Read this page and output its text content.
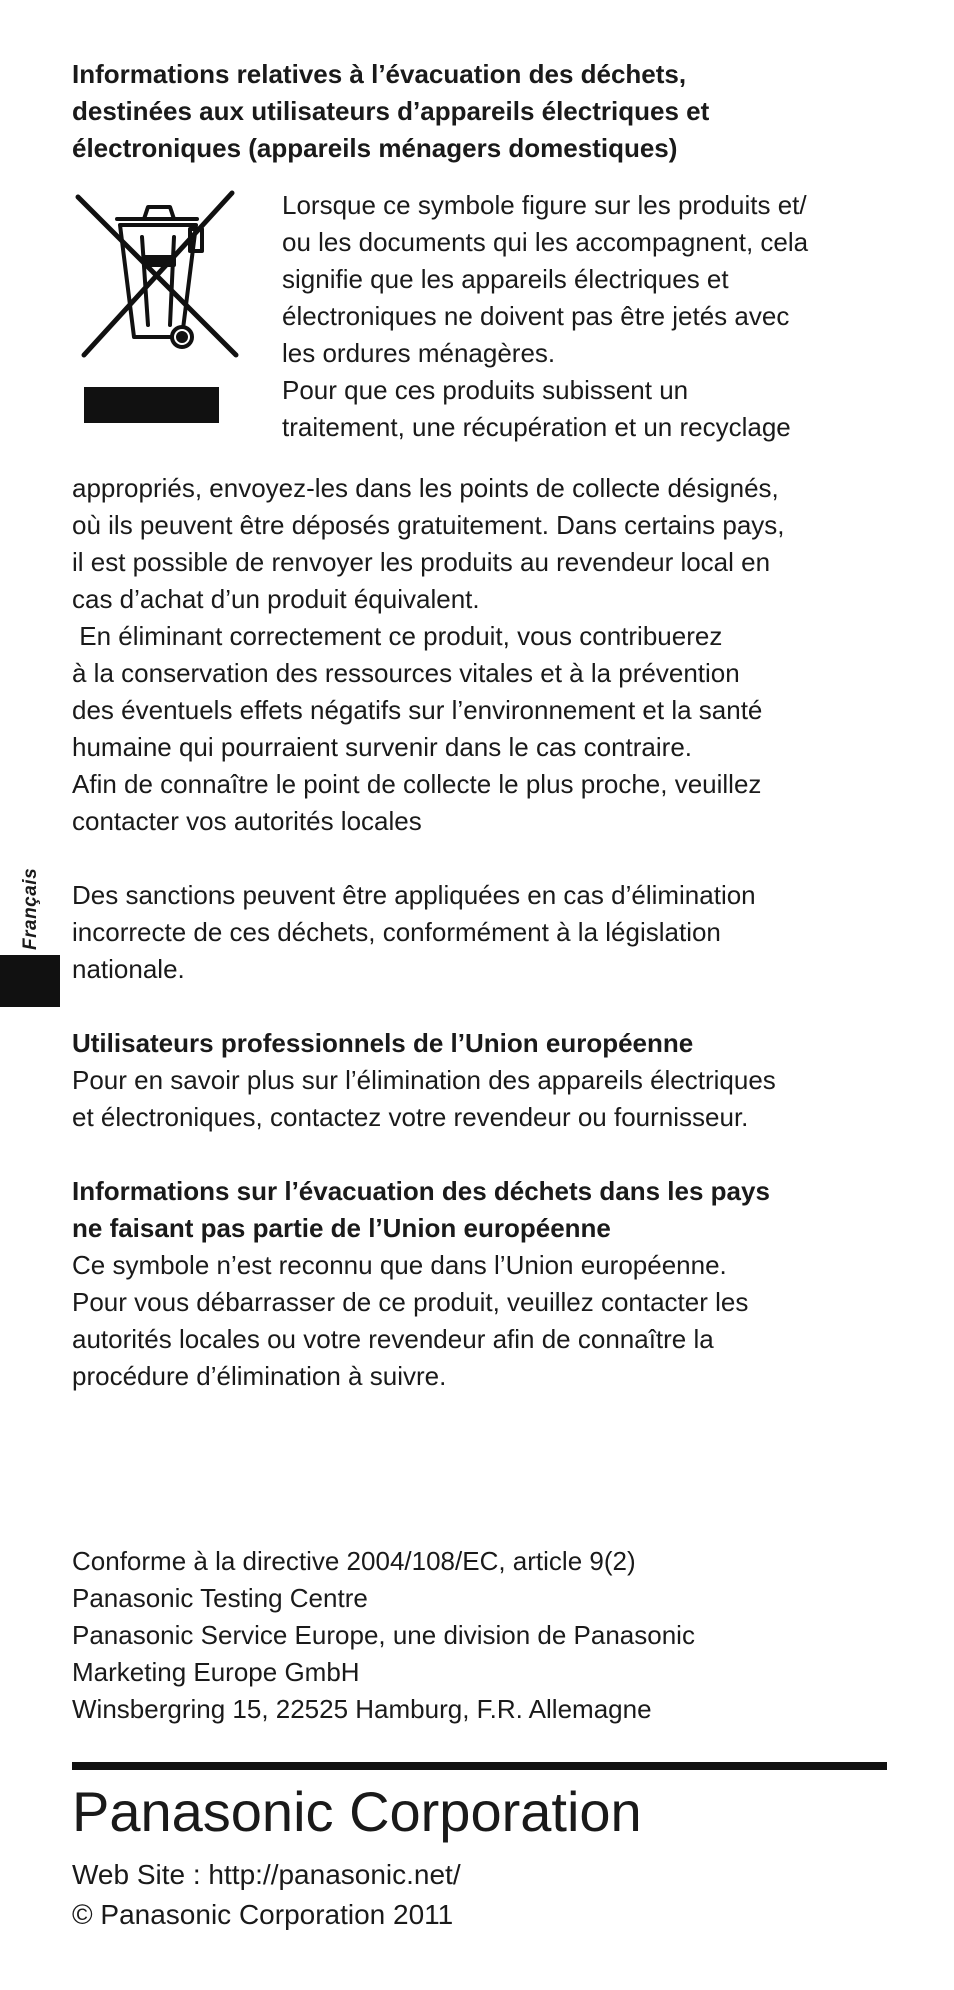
Français

Informations relatives à l’évacuation des déchets,

destinées aux utilisateurs d’appareils électriques et

électroniques (appareils ménagers domestiques)

Lorsque ce symbole figure sur les produits et/

ou les documents qui les accompagnent, cela

signifie que les appareils électriques et

électroniques ne doivent pas être jetés avec

les ordures ménagères.

Pour que ces produits subissent un

traitement, une récupération et un recyclage

appropriés, envoyez-les dans les points de collecte désignés,

où ils peuvent être déposés gratuitement. Dans certains pays,

il est possible de renvoyer les produits au revendeur local en

cas d’achat d’un produit équivalent.

En éliminant correctement ce produit, vous contribuerez

à la conservation des ressources vitales et à la prévention

des éventuels effets négatifs sur l’environnement et la santé

humaine qui pourraient survenir dans le cas contraire.

Afin de connaître le point de collecte le plus proche, veuillez

contacter vos autorités locales

Des sanctions peuvent être appliquées en cas d’élimination

incorrecte de ces déchets, conformément à la législation

nationale.

Utilisateurs professionnels de l’Union européenne

Pour en savoir plus sur l’élimination des appareils électriques

et électroniques, contactez votre revendeur ou fournisseur.

Informations sur l’évacuation des déchets dans les pays

ne faisant pas partie de l’Union européenne

Ce symbole n’est reconnu que dans l’Union européenne.

Pour vous débarrasser de ce produit, veuillez contacter les

autorités locales ou votre revendeur afin de connaître la

procédure d’élimination à suivre.

Conforme à la directive 2004/108/EC, article 9(2)

Panasonic Testing Centre

Panasonic Service Europe, une division de Panasonic

Marketing Europe GmbH

Winsbergring 15, 22525 Hamburg, F.R. Allemagne

Panasonic Corporation

Web Site : http://panasonic.net/

© Panasonic Corporation 2011
